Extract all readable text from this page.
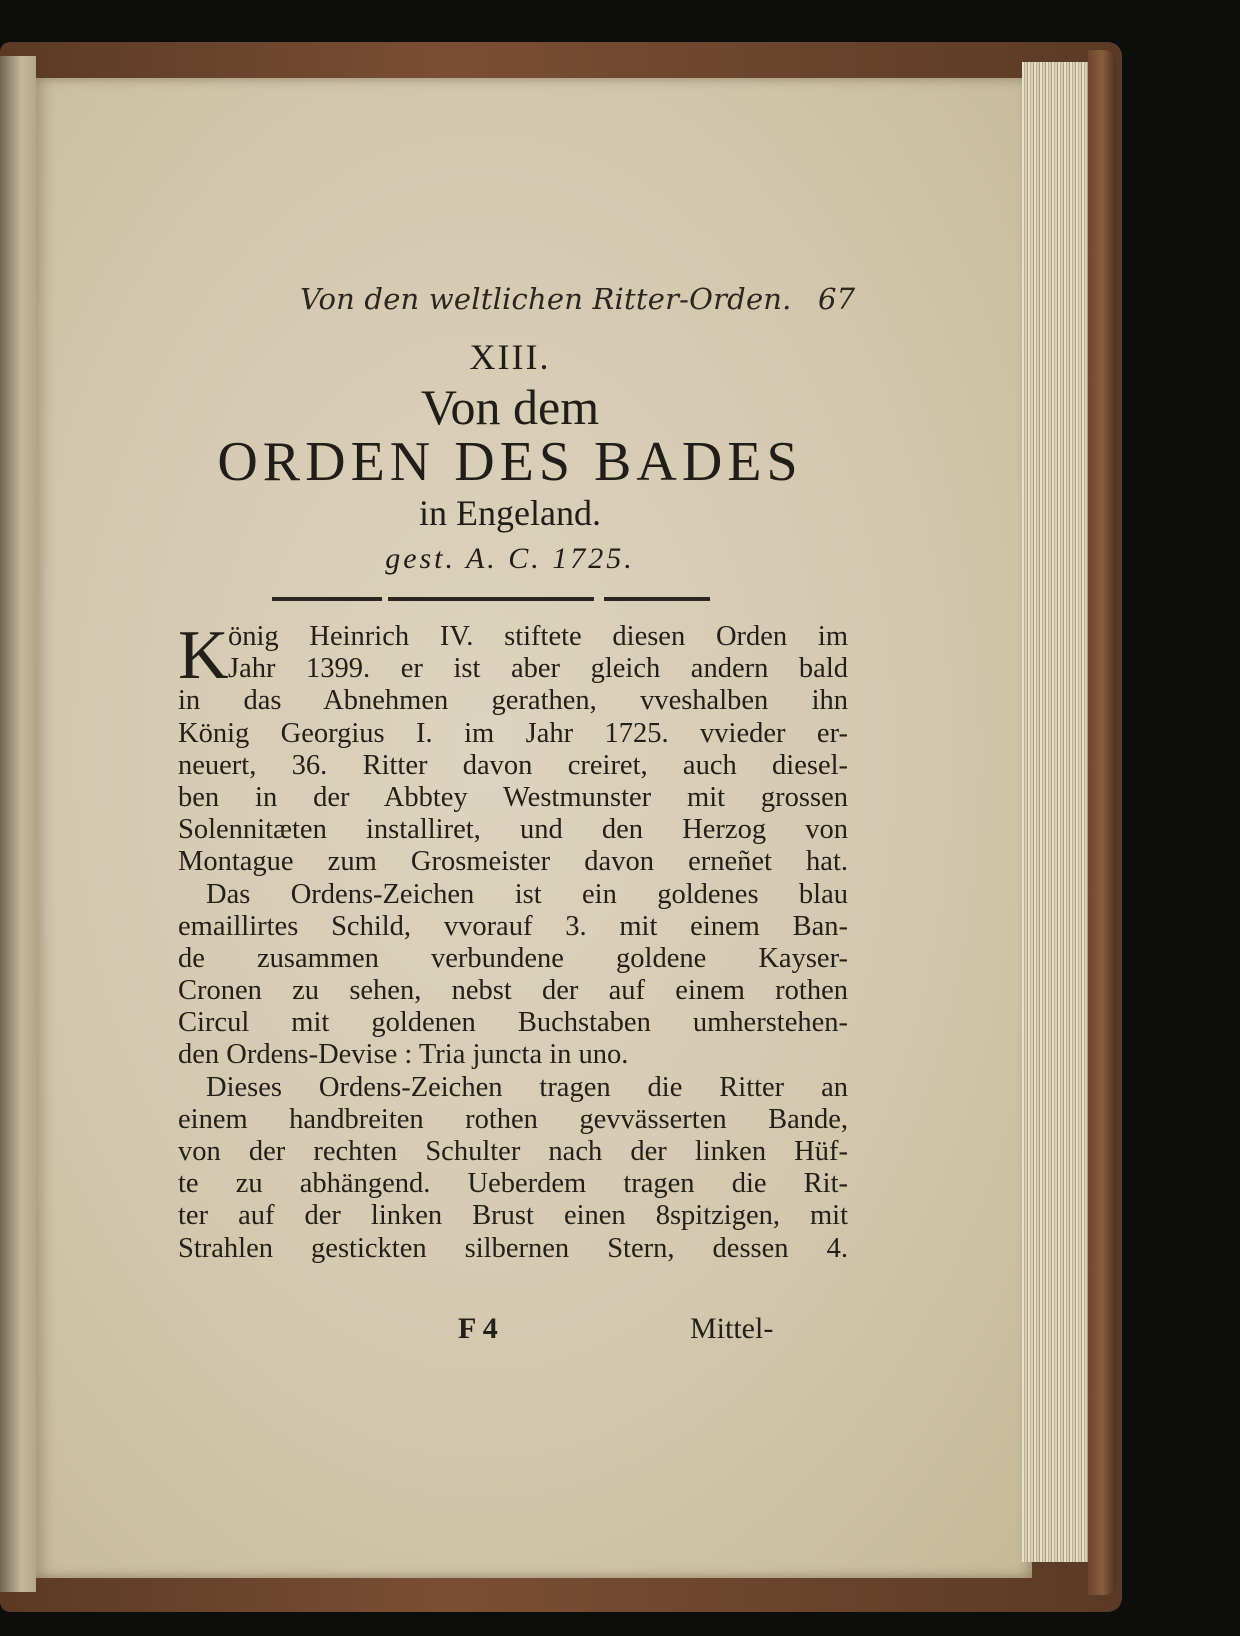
Von den weltlichen Ritter-Orden. 67
XIII.
Von dem
ORDEN DES BADES
in Engeland.
gest. A. C. 1725.
K önig Heinrich IV. stiftete diesen Orden im
Jahr 1399. er ist aber gleich andern bald
in das Abnehmen gerathen, vveshalben ihn
König Georgius I. im Jahr 1725. vvieder er-
neuert, 36. Ritter davon creiret, auch diesel-
ben in der Abbtey Westmunster mit grossen
Solennitæten installiret, und den Herzog von
Montague zum Grosmeister davon erneñet hat.
Das Ordens-Zeichen ist ein goldenes blau
emaillirtes Schild, vvorauf 3. mit einem Ban-
de zusammen verbundene goldene Kayser-
Cronen zu sehen, nebst der auf einem rothen
Circul mit goldenen Buchstaben umherstehen-
den Ordens-Devise : Tria juncta in uno.
Dieses Ordens-Zeichen tragen die Ritter an
einem handbreiten rothen gevvässerten Bande,
von der rechten Schulter nach der linken Hüf-
te zu abhängend. Ueberdem tragen die Rit-
ter auf der linken Brust einen 8spitzigen, mit
Strahlen gestickten silbernen Stern, dessen 4.
F 4	Mittel-
